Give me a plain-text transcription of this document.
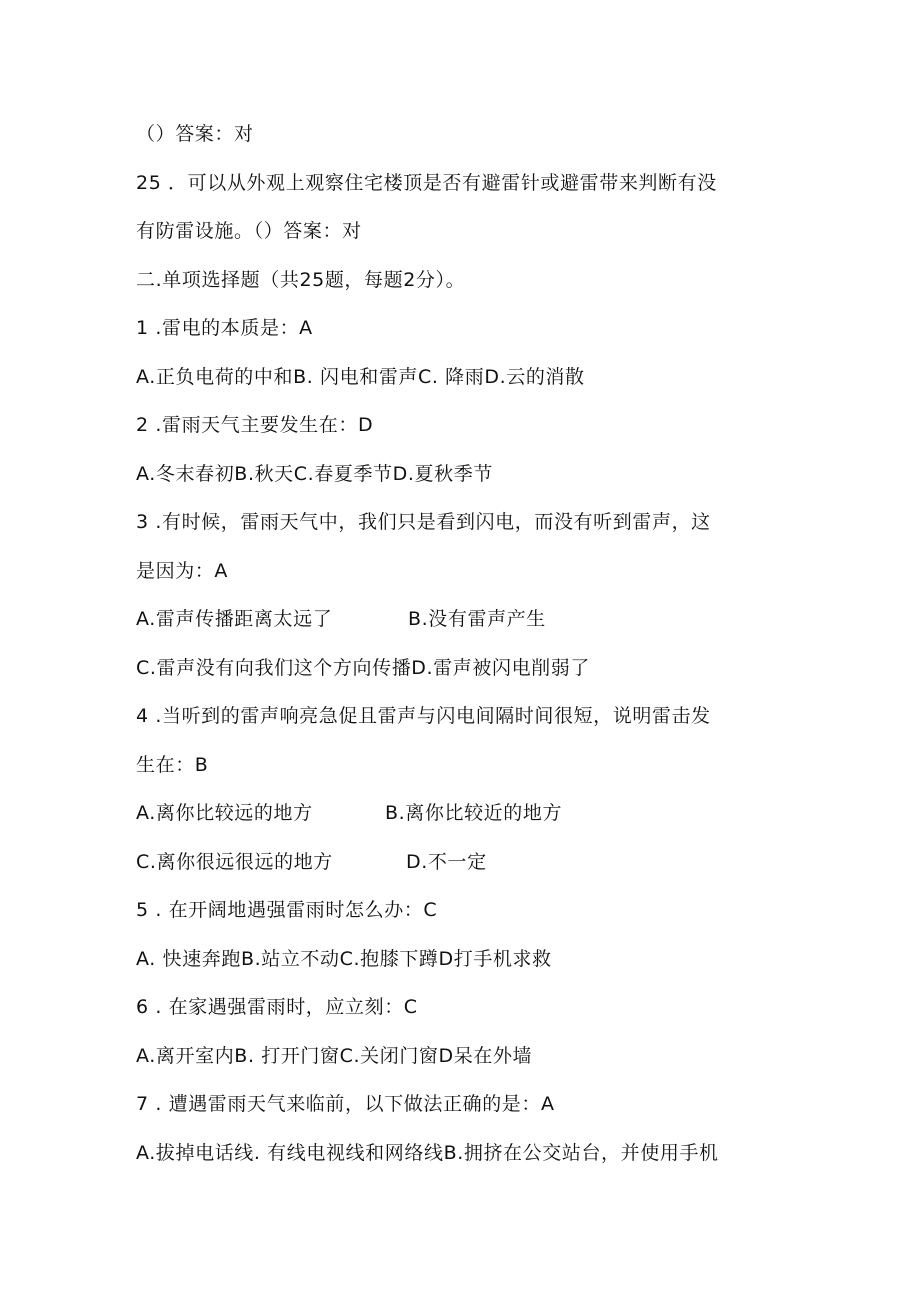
（）答案：对
25 ．可以从外观上观察住宅楼顶是否有避雷针或避雷带来判断有没
有防雷设施。（）答案：对
二.单项选择题（共25题，每题2分）。
1 .雷电的本质是：A
A.正负电荷的中和B. 闪电和雷声C. 降雨D.云的消散
2 .雷雨天气主要发生在：D
A.冬末春初B.秋天C.春夏季节D.夏秋季节
3 .有时候，雷雨天气中，我们只是看到闪电，而没有听到雷声，这
是因为：A
A.雷声传播距离太远了	B.没有雷声产生
C.雷声没有向我们这个方向传播D.雷声被闪电削弱了
4 .当听到的雷声响亮急促且雷声与闪电间隔时间很短，说明雷击发
生在：B
A.离你比较远的地方	B.离你比较近的地方
C.离你很远很远的地方	D.不一定
5 . 在开阔地遇强雷雨时怎么办：C
A. 快速奔跑B.站立不动C.抱膝下蹲D打手机求救
6 . 在家遇强雷雨时，应立刻：C
A.离开室内B. 打开门窗C.关闭门窗D呆在外墙
7 . 遭遇雷雨天气来临前，以下做法正确的是：A
A.拔掉电话线. 有线电视线和网络线B.拥挤在公交站台，并使用手机
